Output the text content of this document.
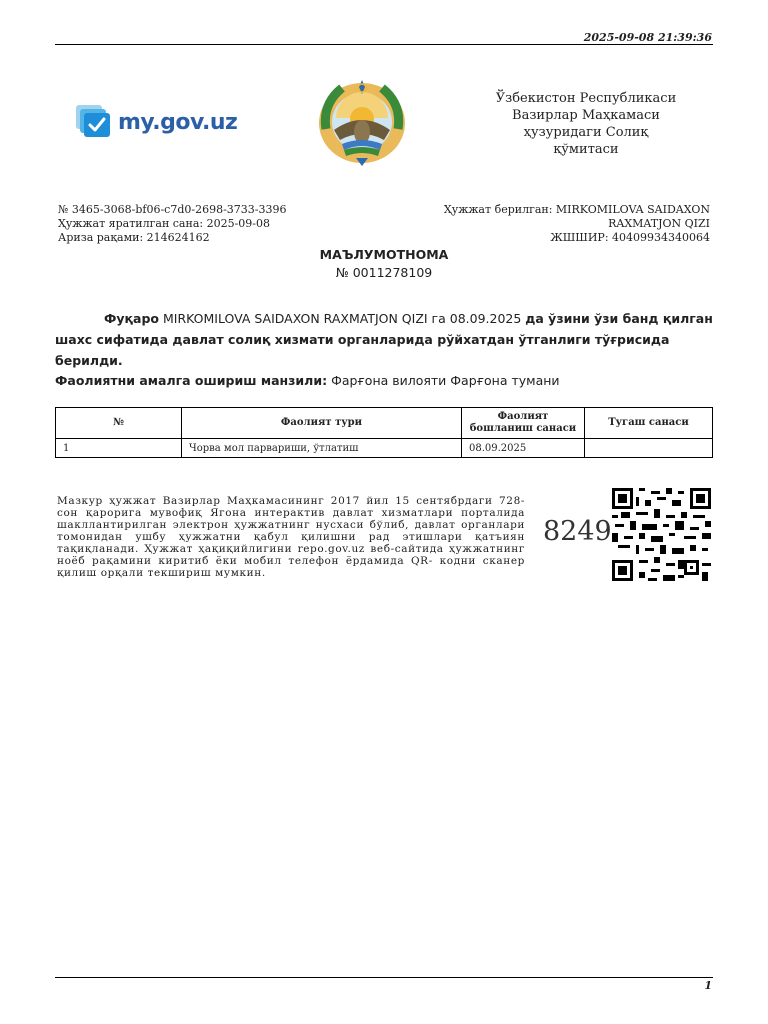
2025-09-08 21:39:36
my.gov.uz
Ўзбекистон Республикаси
Вазирлар Маҳкамаси
ҳузуридаги Солиқ
қўмитаси
№ 3465-3068-bf06-c7d0-2698-3733-3396
Ҳужжат яратилган сана: 2025-09-08
Ариза рақами: 214624162
Ҳужжат берилган: MIRKOMILOVA SAIDAXON
RAXMATJON QIZI
ЖШШИР: 40409934340064
МАЪЛУМОТНОМА
№ 0011278109
Фуқаро MIRKOMILOVA SAIDAXON RAXMATJON QIZI га 08.09.2025 да ўзини ўзи банд қилган шахс сифатида давлат солиқ хизмати органларида рўйхатдан ўтганлиги тўғрисида берилди.
Фаолиятни амалга ошириш манзили: Фарғона вилояти Фарғона тумани
№	Фаолият тури	Фаолият бошланиш санаси	Тугаш санаси
1	Чорва мол парвариши, ўтлатиш	08.09.2025	
Мазкур ҳужжат Вазирлар Маҳкамасининг 2017 йил 15 сентябрдаги 728-сон қарорига мувофиқ Ягона интерактив давлат хизматлари порталида шакллантирилган электрон ҳужжатнинг нусхаси бўлиб, давлат органлари томонидан ушбу ҳужжатни қабул қилишни рад этишлари қатъиян тақиқланади. Ҳужжат ҳақиқийлигини repo.gov.uz веб-сайтида ҳужжатнинг ноёб рақамини киритиб ёки мобил телефон ёрдамида QR- кодни сканер қилиш орқали текшириш мумкин.
8249
1
